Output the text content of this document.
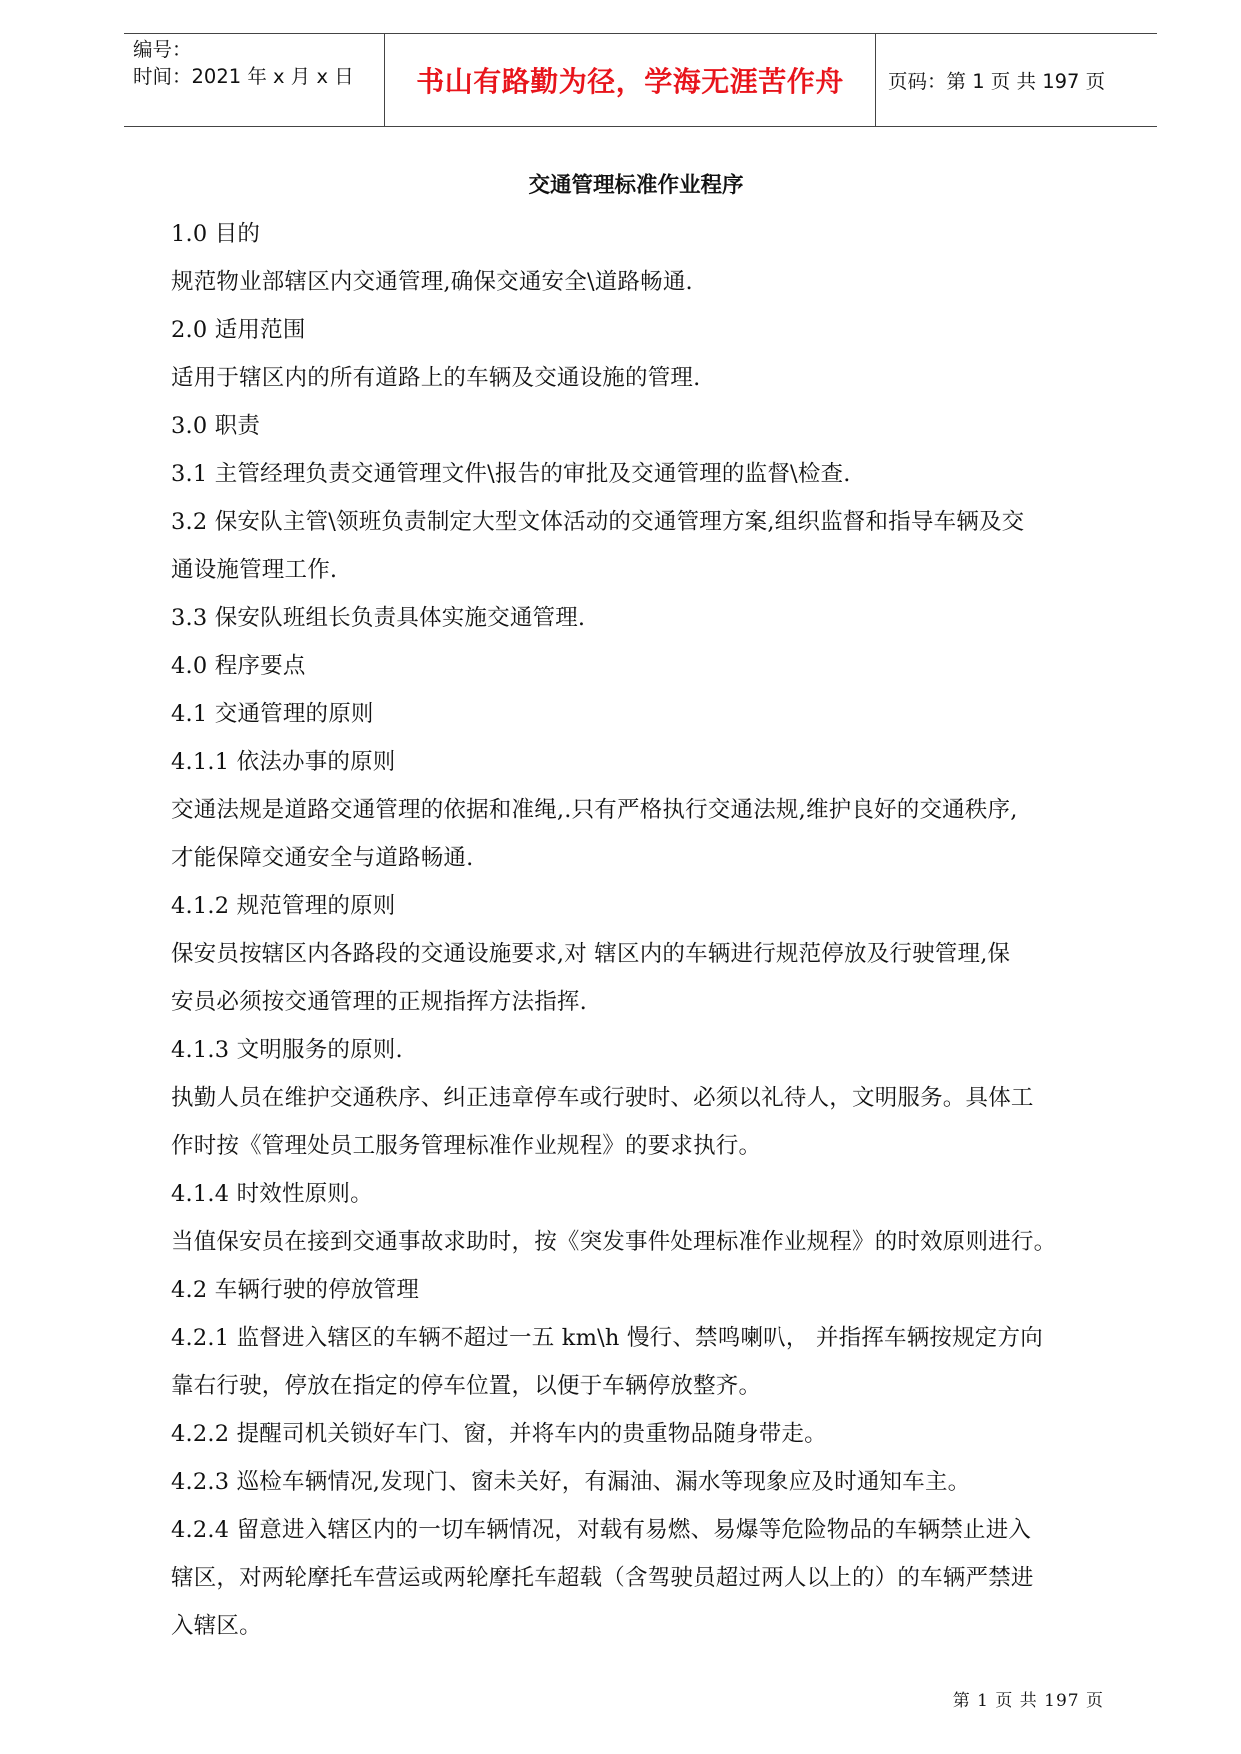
编号：
时间：2021 年 x 月 x 日	书山有路勤为径，学海无涯苦作舟	页码：第 1 页 共 197 页
交通管理标准作业程序

1.0 目的

规范物业部辖区内交通管理,确保交通安全\道路畅通.

2.0 适用范围

适用于辖区内的所有道路上的车辆及交通设施的管理.

3.0 职责

3.1 主管经理负责交通管理文件\报告的审批及交通管理的监督\检查.

3.2 保安队主管\领班负责制定大型文体活动的交通管理方案,组织监督和指导车辆及交

通设施管理工作.

3.3 保安队班组长负责具体实施交通管理.

4.0 程序要点

4.1 交通管理的原则

4.1.1 依法办事的原则

交通法规是道路交通管理的依据和准绳,.只有严格执行交通法规,维护良好的交通秩序,

才能保障交通安全与道路畅通.

4.1.2 规范管理的原则

保安员按辖区内各路段的交通设施要求,对 辖区内的车辆进行规范停放及行驶管理,保

安员必须按交通管理的正规指挥方法指挥.

4.1.3 文明服务的原则.

执勤人员在维护交通秩序、纠正违章停车或行驶时、必须以礼待人，文明服务。具体工

作时按《管理处员工服务管理标准作业规程》的要求执行。

4.1.4 时效性原则。

当值保安员在接到交通事故求助时，按《突发事件处理标准作业规程》的时效原则进行。

4.2 车辆行驶的停放管理

4.2.1 监督进入辖区的车辆不超过一五 km\h 慢行、禁鸣喇叭， 并指挥车辆按规定方向

靠右行驶，停放在指定的停车位置，以便于车辆停放整齐。

4.2.2 提醒司机关锁好车门、窗，并将车内的贵重物品随身带走。

4.2.3 巡检车辆情况,发现门、窗未关好，有漏油、漏水等现象应及时通知车主。

4.2.4 留意进入辖区内的一切车辆情况，对载有易燃、易爆等危险物品的车辆禁止进入

辖区，对两轮摩托车营运或两轮摩托车超载（含驾驶员超过两人以上的）的车辆严禁进

入辖区。

第 1 页 共 197 页
